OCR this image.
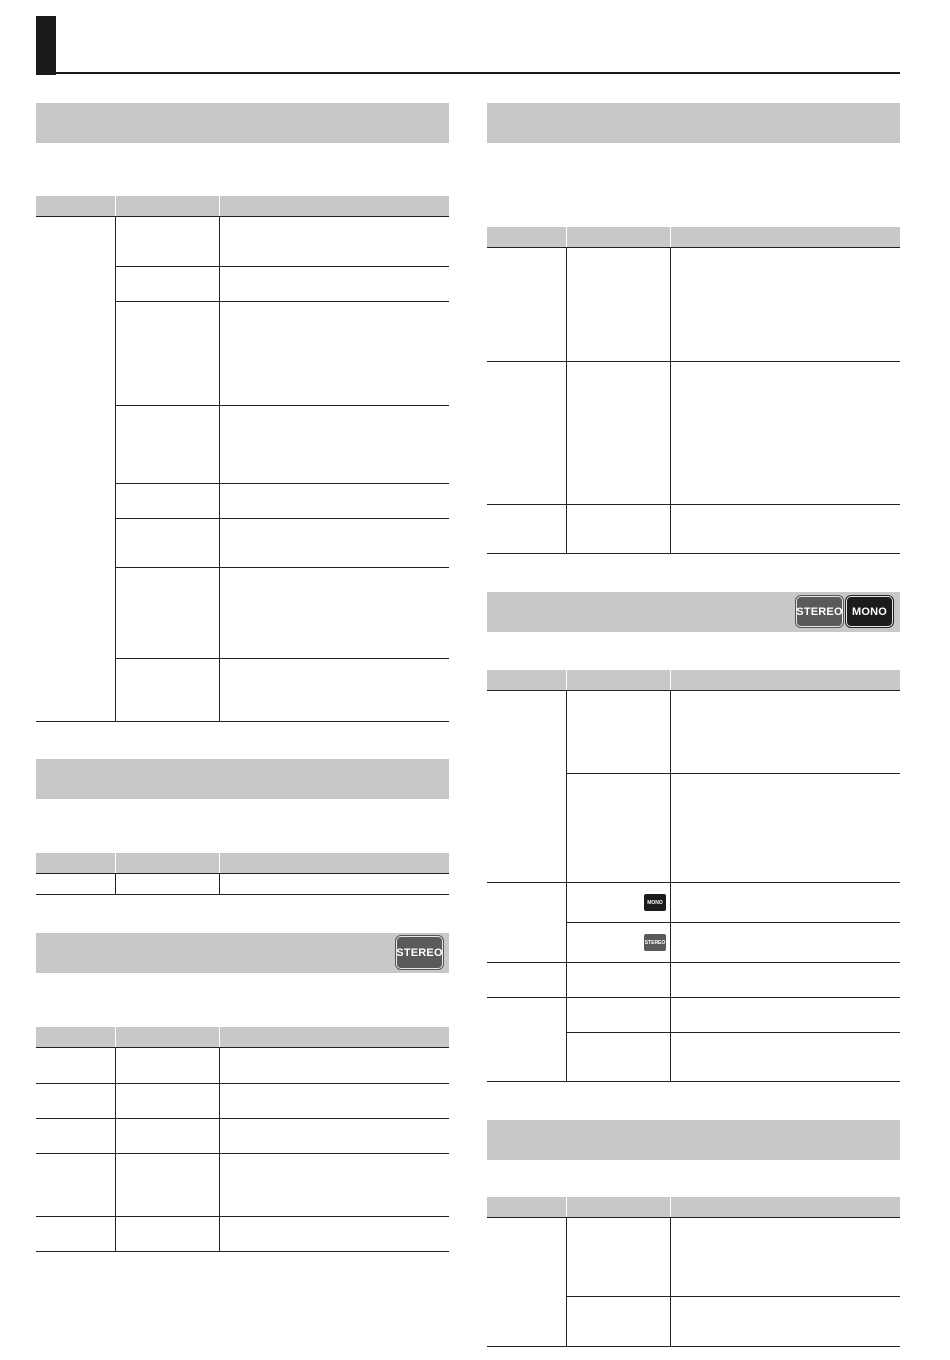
STEREO
STEREO MONO
MONO
STEREO
